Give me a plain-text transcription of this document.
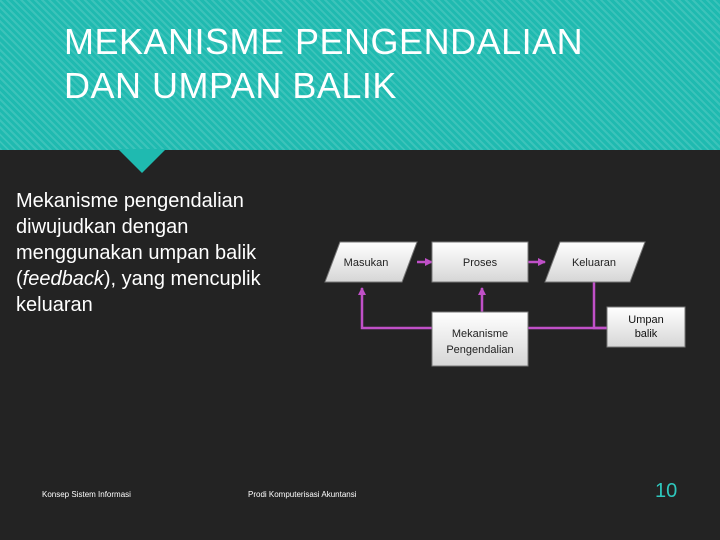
MEKANISME PENGENDALIAN
DAN UMPAN BALIK

Mekanisme pengendalian diwujudkan dengan menggunakan umpan balik (feedback), yang mencuplik keluaran

Masukan	Proses	Keluaran
Mekanisme
Pengendalian
Umpan
balik
Konsep Sistem Informasi	Prodi Komputerisasi Akuntansi	10
